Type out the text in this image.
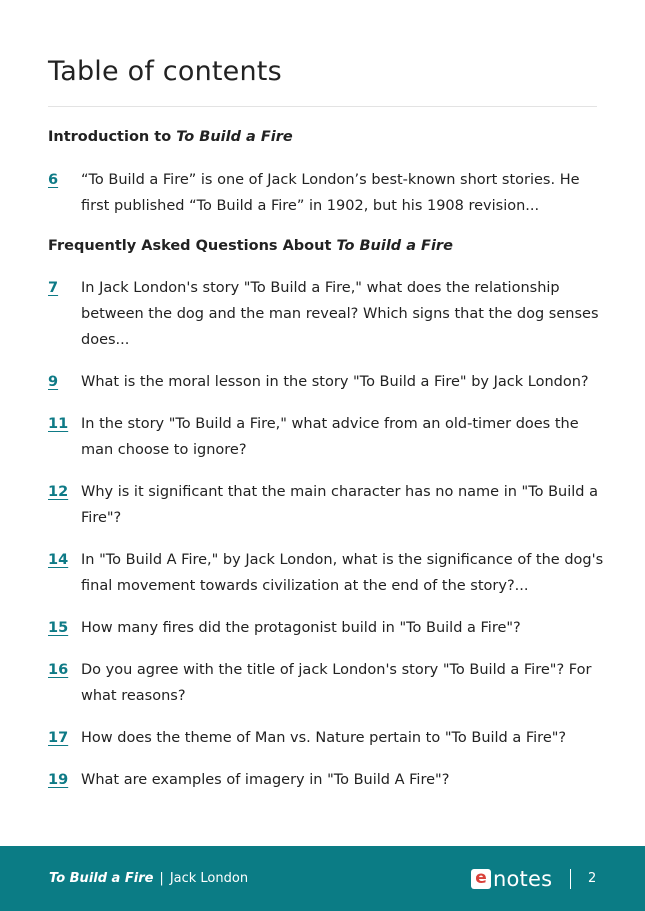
Table of contents
Introduction to To Build a Fire
6 “To Build a Fire” is one of Jack London’s best-known short stories. He first published “To Build a Fire” in 1902, but his 1908 revision...
Frequently Asked Questions About To Build a Fire
7 In Jack London's story "To Build a Fire," what does the relationship between the dog and the man reveal? Which signs that the dog senses does...
9 What is the moral lesson in the story "To Build a Fire" by Jack London?
11 In the story "To Build a Fire," what advice from an old-timer does the man choose to ignore?
12 Why is it significant that the main character has no name in "To Build a Fire"?
14 In "To Build A Fire," by Jack London, what is the significance of the dog's final movement towards civilization at the end of the story?...
15 How many fires did the protagonist build in "To Build a Fire"?
16 Do you agree with the title of jack London's story "To Build a Fire"? For what reasons?
17 How does the theme of Man vs. Nature pertain to "To Build a Fire"?
19 What are examples of imagery in "To Build A Fire"?
To Build a Fire | Jack London	e notes	2
